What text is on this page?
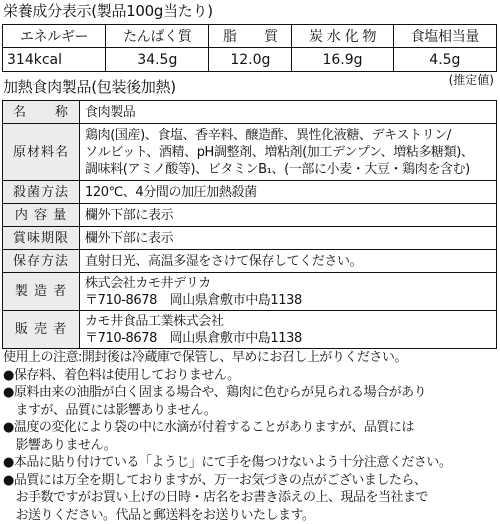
栄養成分表示(製品100g当たり)
エネルギー	たんぱく質	脂　　質	炭 水 化 物	食塩相当量
314kcal	34.5g	12.0g	16.9g	4.5g
(推定値)
加熱食肉製品(包装後加熱)
名　　称	食肉製品

原材料名	鶏肉(国産)、食塩、香辛料、醸造酢、異性化液糖、デキストリン/
ソルビット、酒精、pH調整剤、増粘剤(加工デンプン、増粘多糖類)、
調味料(アミノ酸等)、ビタミンB₁、(一部に小麦・大豆・鶏肉を含む)

殺菌方法	120℃、4分間の加圧加熱殺菌

内 容 量	欄外下部に表示

賞味期限	欄外下部に表示

保存方法	直射日光、高温多湿をさけて保存してください。

製 造 者	株式会社カモ井デリカ
〒710-8678　岡山県倉敷市中島1138

販 売 者	カモ井食品工業株式会社
〒710-8678　岡山県倉敷市中島1138
使用上の注意:開封後は冷蔵庫で保管し、早めにお召し上がりください。
●保存料、着色料は使用しておりません。
●原料由来の油脂が白く固まる場合や、鶏肉に色むらが見られる場合があり
　ますが、品質には影響ありません。
●温度の変化により袋の中に水滴が付着することがありますが、品質には
　影響ありません。
●本品に貼り付けている「ようじ」にて手を傷つけないよう十分注意ください。
●品質には万全を期しておりますが、万一お気づきの点がございましたら、
　お手数ですがお買い上げの日時・店名をお書き添えの上、現品を当社まで
　お送りください。代品と郵送料をお送りいたします。
